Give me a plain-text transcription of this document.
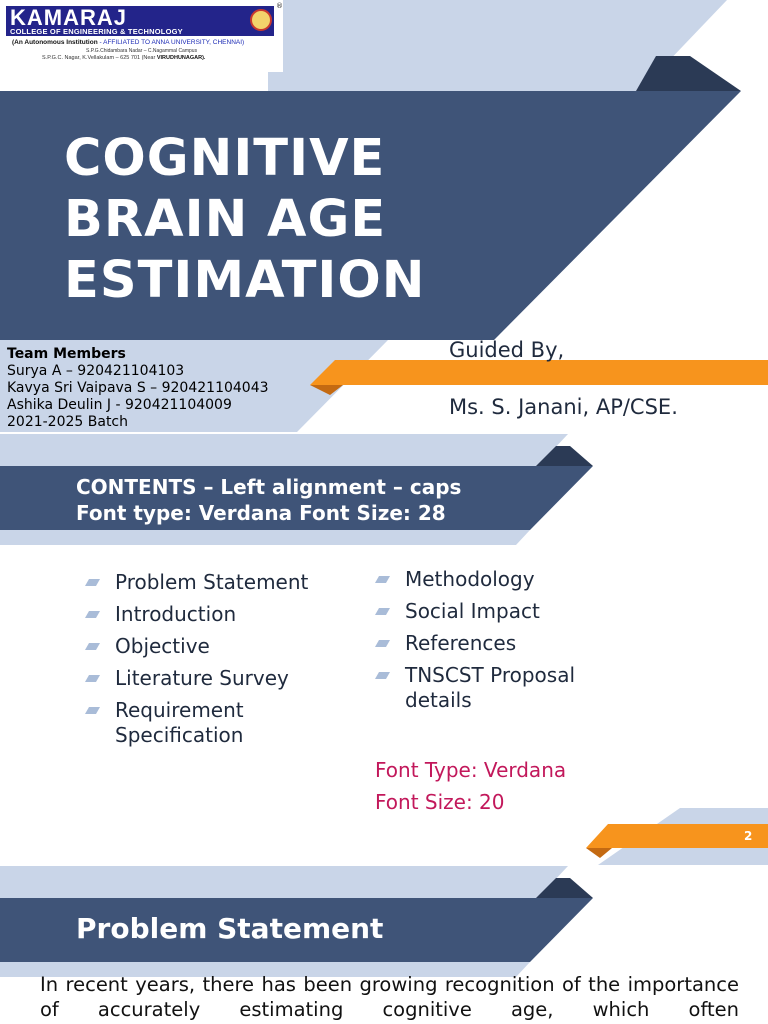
KAMARAJ
COLLEGE OF ENGINEERING & TECHNOLOGY
®
(An Autonomous Institution - AFFILIATED TO ANNA UNIVERSITY, CHENNAI)
S.P.G.Chidambara Nadar – C.Nagammal Campus
S.P.G.C. Nagar, K.Vellakulam – 625 701 (Near VIRUDHUNAGAR).
COGNITIVE
BRAIN AGE
ESTIMATION
Team Members
Surya A – 920421104103
Kavya Sri Vaipava S – 920421104043
Ashika Deulin J - 920421104009
2021-2025 Batch
Guided By,
Ms. S. Janani, AP/CSE.
CONTENTS – Left alignment – caps
Font type: Verdana Font Size: 28
Problem Statement
Introduction
Objective
Literature Survey
Requirement Specification
Methodology
Social Impact
References
TNSCST Proposal details
Font Type: Verdana
Font Size: 20
2
Problem Statement

In recent years, there has been growing recognition of the importance of accurately estimating cognitive age, which often
